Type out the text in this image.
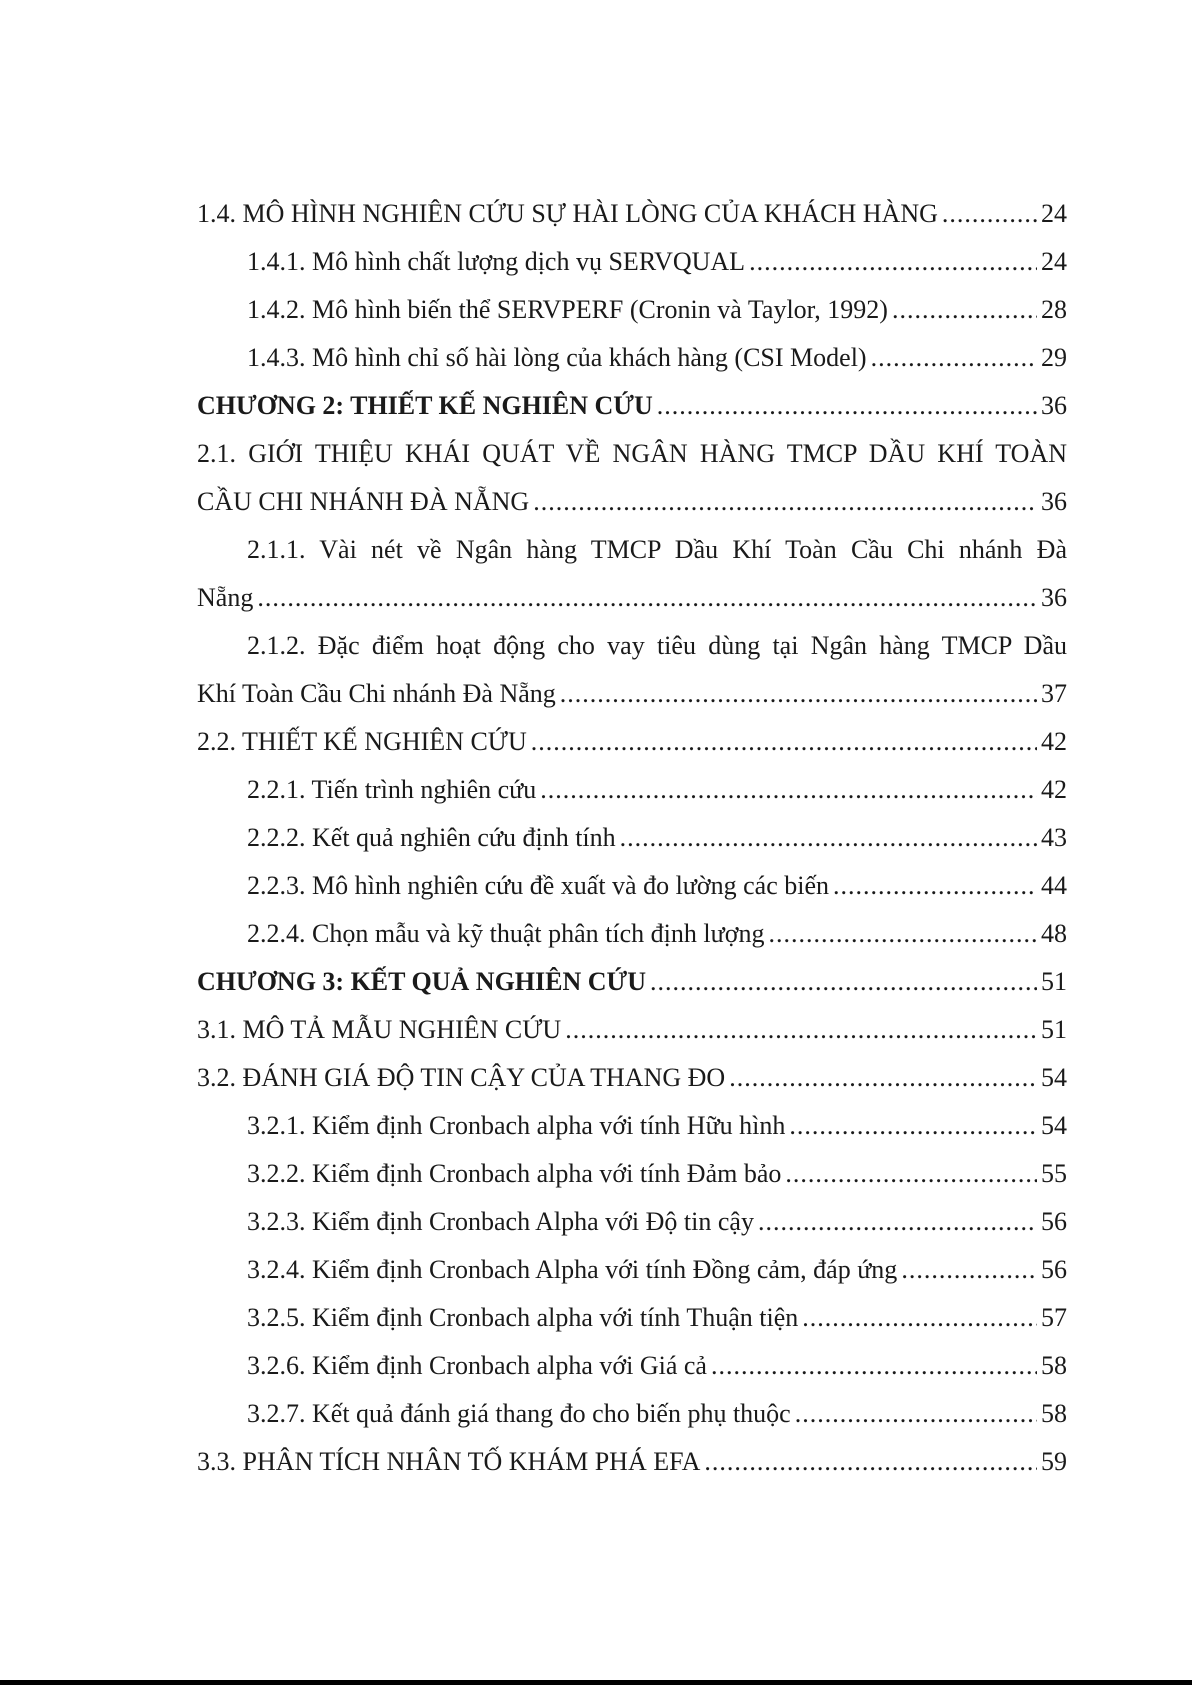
1.4. MÔ HÌNH NGHIÊN CỨU SỰ HÀI LÒNG CỦA KHÁCH HÀNG .....	24
1.4.1. Mô hình chất lượng dịch vụ SERVQUAL .....	24
1.4.2. Mô hình biến thể SERVPERF (Cronin và Taylor, 1992) .....	28
1.4.3. Mô hình chỉ số hài lòng của khách hàng (CSI Model) .....	29
CHƯƠNG 2: THIẾT KẾ NGHIÊN CỨU .....	36
2.1. GIỚI THIỆU KHÁI QUÁT VỀ NGÂN HÀNG TMCP DẦU KHÍ TOÀN
CẦU CHI NHÁNH ĐÀ NẴNG .....	36
2.1.1. Vài nét về Ngân hàng TMCP Dầu Khí Toàn Cầu Chi nhánh Đà
Nẵng .....	36
2.1.2. Đặc điểm hoạt động cho vay tiêu dùng tại Ngân hàng TMCP Dầu
Khí Toàn Cầu Chi nhánh Đà Nẵng .....	37
2.2. THIẾT KẾ NGHIÊN CỨU .....	42
2.2.1. Tiến trình nghiên cứu .....	42
2.2.2. Kết quả nghiên cứu định tính .....	43
2.2.3. Mô hình nghiên cứu đề xuất và đo lường các biến .....	44
2.2.4. Chọn mẫu và kỹ thuật phân tích định lượng .....	48
CHƯƠNG 3: KẾT QUẢ NGHIÊN CỨU .....	51
3.1. MÔ TẢ MẪU NGHIÊN CỨU .....	51
3.2. ĐÁNH GIÁ ĐỘ TIN CẬY CỦA THANG ĐO .....	54
3.2.1. Kiểm định Cronbach alpha với tính Hữu hình .....	54
3.2.2. Kiểm định Cronbach alpha với tính Đảm bảo .....	55
3.2.3. Kiểm định Cronbach Alpha với Độ tin cậy .....	56
3.2.4. Kiểm định Cronbach Alpha với tính Đồng cảm, đáp ứng .....	56
3.2.5. Kiểm định Cronbach alpha với tính Thuận tiện .....	57
3.2.6. Kiểm định Cronbach alpha với Giá cả .....	58
3.2.7. Kết quả đánh giá thang đo cho biến phụ thuộc .....	58
3.3. PHÂN TÍCH NHÂN TỐ KHÁM PHÁ EFA .....	59
